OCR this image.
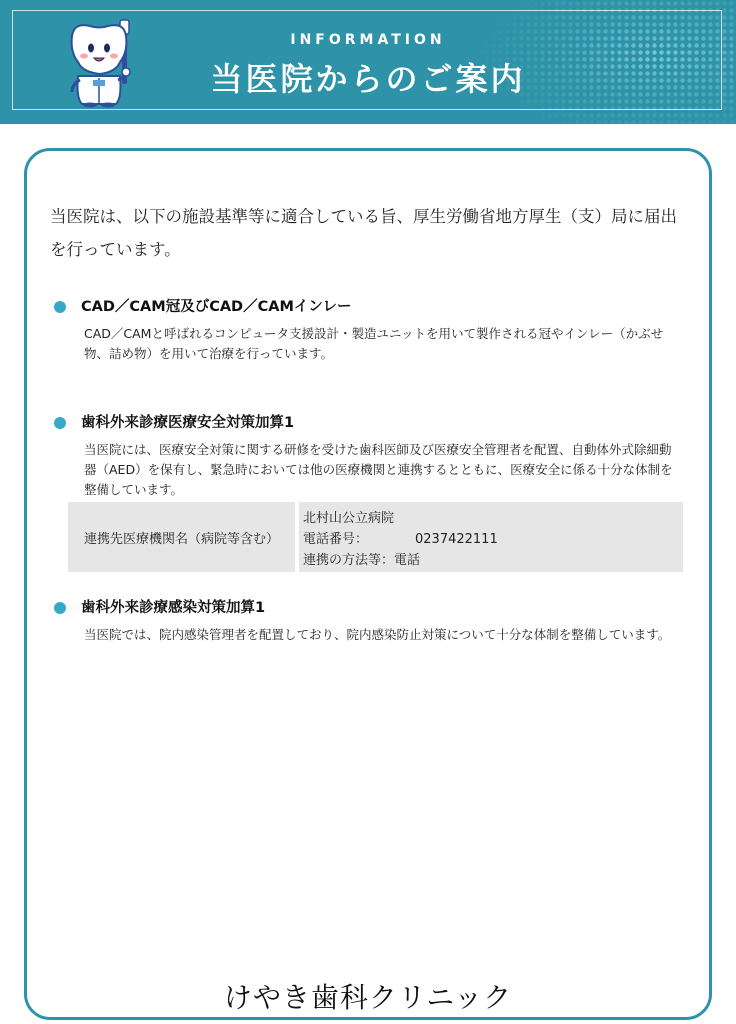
INFORMATION
当医院からのご案内
当医院は、以下の施設基準等に適合している旨、厚生労働省地方厚生（支）局に届出を行っています。
CAD／CAM冠及びCAD／CAMインレー
CAD／CAMと呼ばれるコンピュータ支援設計・製造ユニットを用いて製作される冠やインレー（かぶせ物、詰め物）を用いて治療を行っています。
歯科外来診療医療安全対策加算1
当医院には、医療安全対策に関する研修を受けた歯科医師及び医療安全管理者を配置、自動体外式除細動器（AED）を保有し、緊急時においては他の医療機関と連携するとともに、医療安全に係る十分な体制を整備しています。
連携先医療機関名（病院等含む）
北村山公立病院
電話番号：	0237422111
連携の方法等：電話
歯科外来診療感染対策加算1
当医院では、院内感染管理者を配置しており、院内感染防止対策について十分な体制を整備しています。
けやき歯科クリニック
